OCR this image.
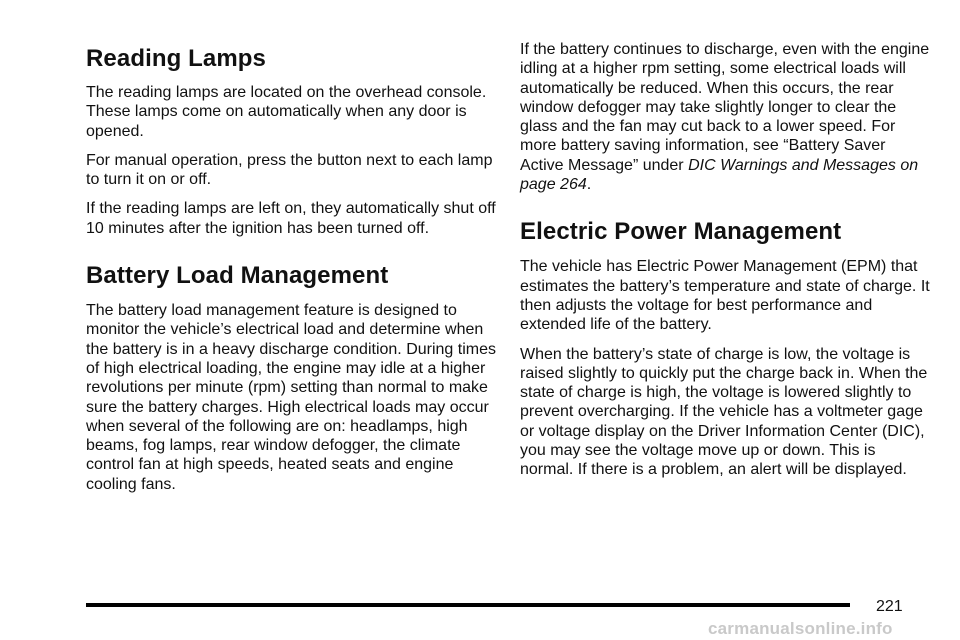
Reading Lamps

The reading lamps are located on the overhead console. These lamps come on automatically when any door is opened.

For manual operation, press the button next to each lamp to turn it on or off.

If the reading lamps are left on, they automatically shut off 10 minutes after the ignition has been turned off.

Battery Load Management

The battery load management feature is designed to monitor the vehicle’s electrical load and determine when the battery is in a heavy discharge condition. During times of high electrical loading, the engine may idle at a higher revolutions per minute (rpm) setting than normal to make sure the battery charges. High electrical loads may occur when several of the following are on: headlamps, high beams, fog lamps, rear window defogger, the climate control fan at high speeds, heated seats and engine cooling fans.

If the battery continues to discharge, even with the engine idling at a higher rpm setting, some electrical loads will automatically be reduced. When this occurs, the rear window defogger may take slightly longer to clear the glass and the fan may cut back to a lower speed. For more battery saving information, see “Battery Saver Active Message” under DIC Warnings and Messages on page 264.

Electric Power Management

The vehicle has Electric Power Management (EPM) that estimates the battery’s temperature and state of charge. It then adjusts the voltage for best performance and extended life of the battery.

When the battery’s state of charge is low, the voltage is raised slightly to quickly put the charge back in. When the state of charge is high, the voltage is lowered slightly to prevent overcharging. If the vehicle has a voltmeter gage or voltage display on the Driver Information Center (DIC), you may see the voltage move up or down. This is normal. If there is a problem, an alert will be displayed.

221
carmanualsonline.info
